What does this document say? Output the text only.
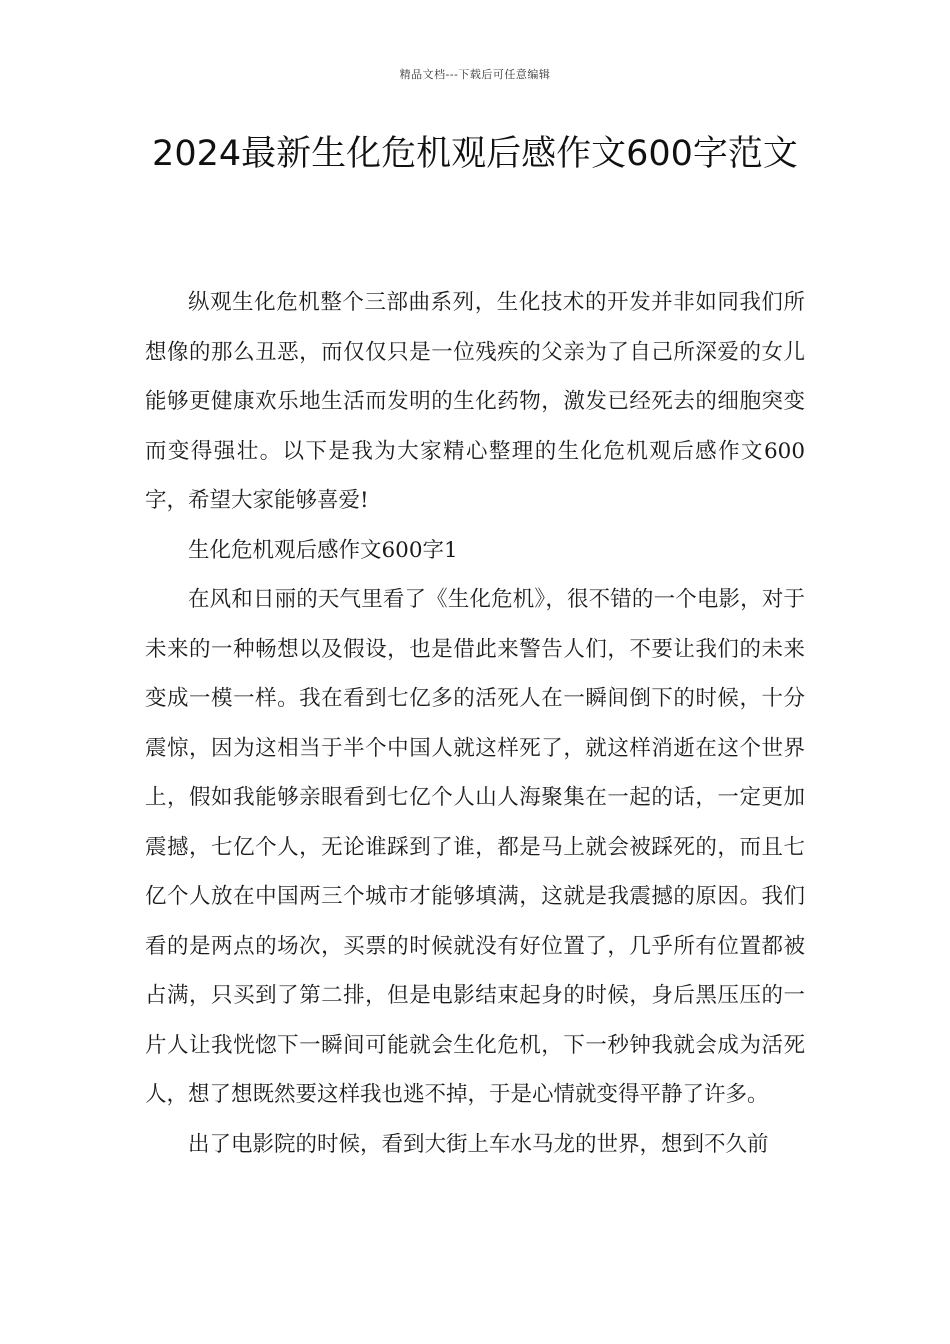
精品文档---下载后可任意编辑
2024最新生化危机观后感作文600字范文

纵观生化危机整个三部曲系列，生化技术的开发并非如同我们所想像的那么丑恶，而仅仅只是一位残疾的父亲为了自己所深爱的女儿能够更健康欢乐地生活而发明的生化药物，激发已经死去的细胞突变而变得强壮。以下是我为大家精心整理的生化危机观后感作文600字，希望大家能够喜爱!

生化危机观后感作文600字1

在风和日丽的天气里看了《生化危机》，很不错的一个电影，对于未来的一种畅想以及假设，也是借此来警告人们，不要让我们的未来变成一模一样。我在看到七亿多的活死人在一瞬间倒下的时候，十分震惊，因为这相当于半个中国人就这样死了，就这样消逝在这个世界上，假如我能够亲眼看到七亿个人山人海聚集在一起的话，一定更加震撼，七亿个人，无论谁踩到了谁，都是马上就会被踩死的，而且七亿个人放在中国两三个城市才能够填满，这就是我震撼的原因。我们看的是两点的场次，买票的时候就没有好位置了，几乎所有位置都被占满，只买到了第二排，但是电影结束起身的时候，身后黑压压的一片人让我恍惚下一瞬间可能就会生化危机，下一秒钟我就会成为活死人，想了想既然要这样我也逃不掉，于是心情就变得平静了许多。

出了电影院的时候，看到大街上车水马龙的世界，想到不久前
